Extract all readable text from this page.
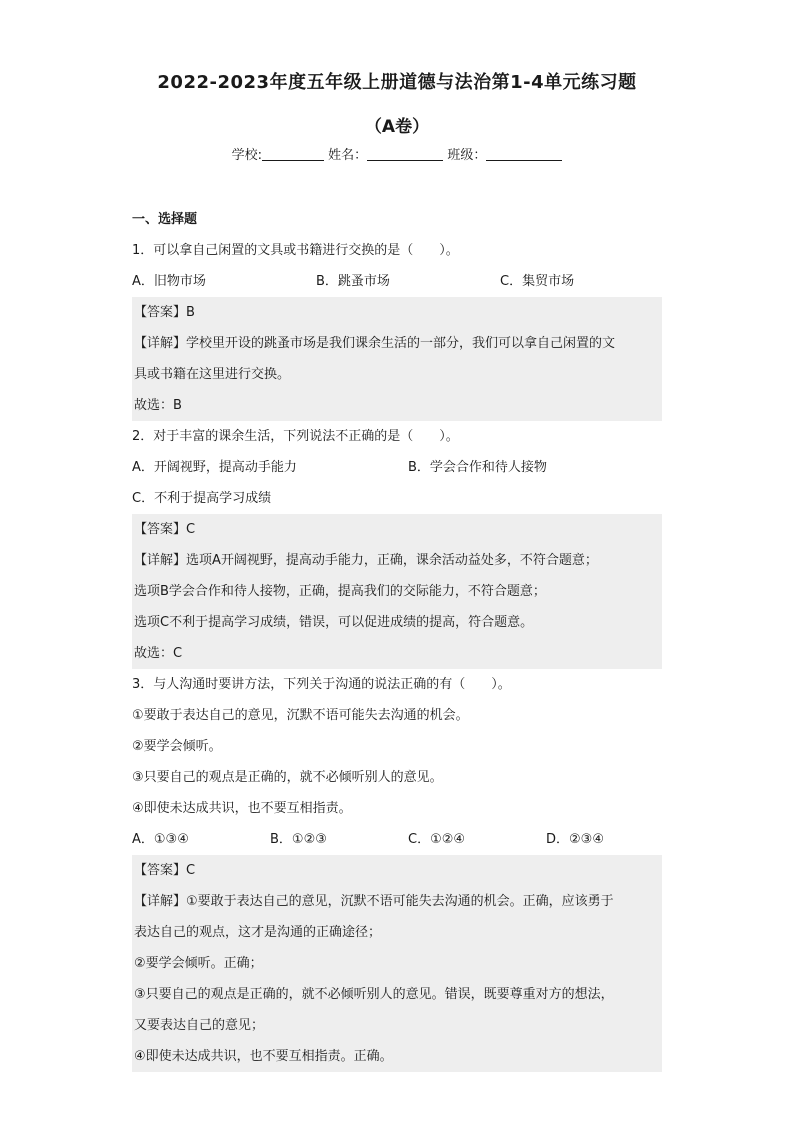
2022-2023年度五年级上册道德与法治第1-4单元练习题
（A卷）
学校:	姓名：	班级：
一、选择题
1．可以拿自己闲置的文具或书籍进行交换的是（　　）。
A．旧物市场	B．跳蚤市场	C．集贸市场
【答案】B
【详解】学校里开设的跳蚤市场是我们课余生活的一部分，我们可以拿自己闲置的文
具或书籍在这里进行交换。
故选：B
2．对于丰富的课余生活，下列说法不正确的是（　　）。
A．开阔视野，提高动手能力	B．学会合作和待人接物
C．不利于提高学习成绩
【答案】C
【详解】选项A开阔视野，提高动手能力，正确，课余活动益处多，不符合题意；
选项B学会合作和待人接物，正确，提高我们的交际能力，不符合题意；
选项C不利于提高学习成绩，错误，可以促进成绩的提高，符合题意。
故选：C
3．与人沟通时要讲方法，下列关于沟通的说法正确的有（　　）。
①要敢于表达自己的意见，沉默不语可能失去沟通的机会。
②要学会倾听。
③只要自己的观点是正确的，就不必倾听别人的意见。
④即使未达成共识，也不要互相指责。
A．①③④	B．①②③	C．①②④	D．②③④
【答案】C
【详解】①要敢于表达自己的意见，沉默不语可能失去沟通的机会。正确，应该勇于
表达自己的观点，这才是沟通的正确途径；
②要学会倾听。正确；
③只要自己的观点是正确的，就不必倾听别人的意见。错误，既要尊重对方的想法，
又要表达自己的意见；
④即使未达成共识，也不要互相指责。正确。
